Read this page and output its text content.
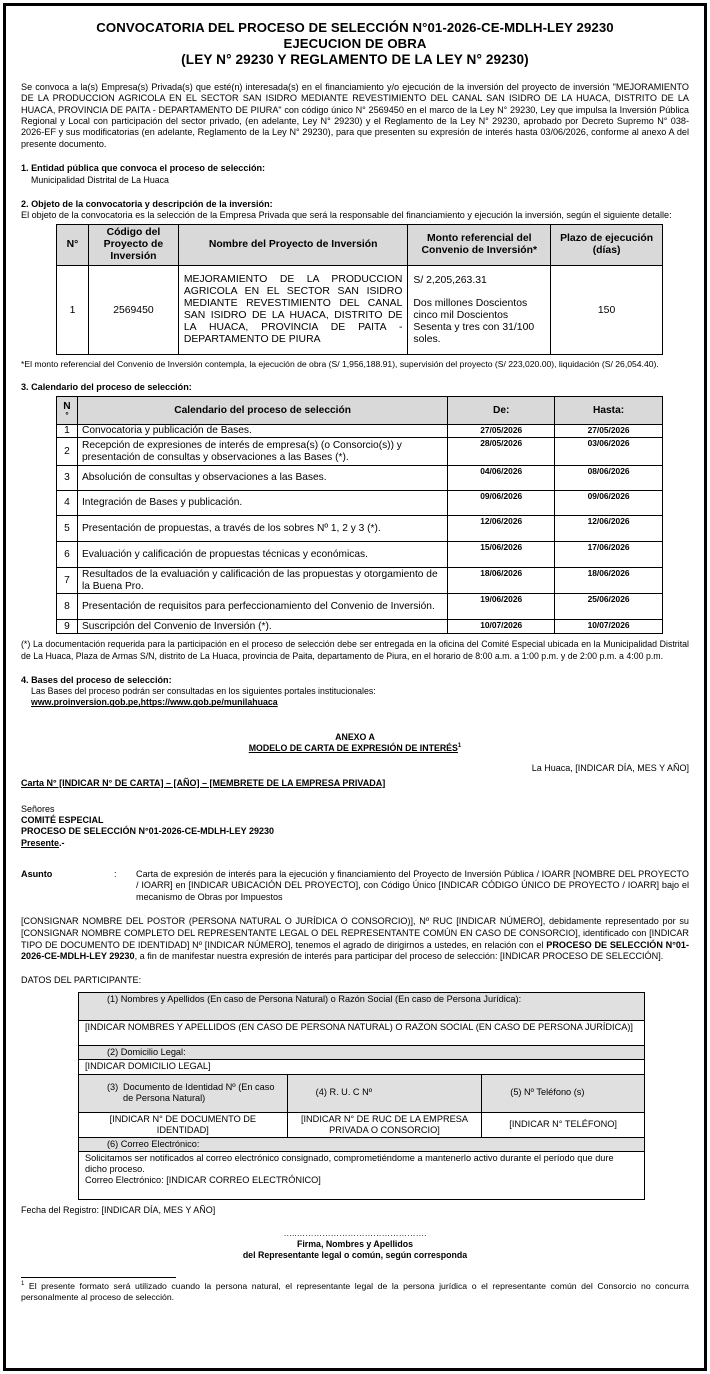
CONVOCATORIA DEL PROCESO DE SELECCIÓN N°01-2026-CE-MDLH-LEY 29230
EJECUCION DE OBRA
(LEY N° 29230 Y REGLAMENTO DE LA LEY N° 29230)

Se convoca a la(s) Empresa(s) Privada(s) que esté(n) interesada(s) en el financiamiento y/o ejecución de la inversión del proyecto de inversión "MEJORAMIENTO DE LA PRODUCCION AGRICOLA EN EL SECTOR SAN ISIDRO MEDIANTE REVESTIMIENTO DEL CANAL SAN ISIDRO DE LA HUACA, DISTRITO DE LA HUACA, PROVINCIA DE PAITA - DEPARTAMENTO DE PIURA" con código único N° 2569450 en el marco de la Ley N° 29230, Ley que impulsa la Inversión Pública Regional y Local con participación del sector privado, (en adelante, Ley N° 29230) y el Reglamento de la Ley N° 29230, aprobado por Decreto Supremo N° 038-2026-EF y sus modificatorias (en adelante, Reglamento de la Ley N° 29230), para que presenten su expresión de interés hasta 03/06/2026, conforme al anexo A del presente documento.

1. Entidad pública que convoca el proceso de selección:
Municipalidad Distrital de La Huaca
2. Objeto de la convocatoria y descripción de la inversión:

El objeto de la convocatoria es la selección de la Empresa Privada que será la responsable del financiamiento y ejecución la inversión, según el siguiente detalle:

N°	Código del Proyecto de Inversión	Nombre del Proyecto de Inversión	Monto referencial del Convenio de Inversión*	Plazo de ejecución (días)
1	2569450	MEJORAMIENTO DE LA PRODUCCION AGRICOLA EN EL SECTOR SAN ISIDRO MEDIANTE REVESTIMIENTO DEL CANAL SAN ISIDRO DE LA HUACA, DISTRITO DE LA HUACA, PROVINCIA DE PAITA - DEPARTAMENTO DE PIURA	S/ 2,205,263.31
Dos millones Doscientos cinco mil Doscientos Sesenta y tres con 31/100 soles.	150
*El monto referencial del Convenio de Inversión contempla, la ejecución de obra (S/ 1,956,188.91), supervisión del proyecto (S/ 223,020.00), liquidación (S/ 26,054.40).
3. Calendario del proceso de selección:
N
°	Calendario del proceso de selección	De:	Hasta:
1	Convocatoria y publicación de Bases.	27/05/2026	27/05/2026
2	Recepción de expresiones de interés de empresa(s) (o Consorcio(s)) y presentación de consultas y observaciones a las Bases (*).	28/05/2026	03/06/2026
3	Absolución de consultas y observaciones a las Bases.	04/06/2026	08/06/2026
4	Integración de Bases y publicación.	09/06/2026	09/06/2026
5	Presentación de propuestas, a través de los sobres Nº 1, 2 y 3 (*).	12/06/2026	12/06/2026
6	Evaluación y calificación de propuestas técnicas y económicas.	15/06/2026	17/06/2026
7	Resultados de la evaluación y calificación de las propuestas y otorgamiento de la Buena Pro.	18/06/2026	18/06/2026
8	Presentación de requisitos para perfeccionamiento del Convenio de Inversión.	19/06/2026	25/06/2026
9	Suscripción del Convenio de Inversión (*).	10/07/2026	10/07/2026

(*) La documentación requerida para la participación en el proceso de selección debe ser entregada en la oficina del Comité Especial ubicada en la Municipalidad Distrital de La Huaca, Plaza de Armas S/N, distrito de La Huaca, provincia de Paita, departamento de Piura, en el horario de 8:00 a.m. a 1:00 p.m. y de 2:00 p.m. a 4:00 p.m.

4. Bases del proceso de selección:
Las Bases del proceso podrán ser consultadas en los siguientes portales institucionales:
www.proinversion.gob.pe,https://www.gob.pe/munilahuaca
ANEXO A
MODELO DE CARTA DE EXPRESIÓN DE INTERÉS$^1$
La Huaca, [INDICAR DÍA, MES Y AÑO]
Carta N° [INDICAR N° DE CARTA] – [AÑO] – [MEMBRETE DE LA EMPRESA PRIVADA]
Señores
COMITÉ ESPECIAL
PROCESO DE SELECCIÓN N°01-2026-CE-MDLH-LEY 29230
Presente.-
Asunto	:	Carta de expresión de interés para la ejecución y financiamiento del Proyecto de Inversión Pública / IOARR [NOMBRE DEL PROYECTO / IOARR] en [INDICAR UBICACIÓN DEL PROYECTO], con Código Único [INDICAR CÓDIGO ÚNICO DE PROYECTO / IOARR] bajo el mecanismo de Obras por Impuestos

[CONSIGNAR NOMBRE DEL POSTOR (PERSONA NATURAL O JURÍDICA O CONSORCIO)], Nº RUC [INDICAR NÚMERO], debidamente representado por su [CONSIGNAR NOMBRE COMPLETO DEL REPRESENTANTE LEGAL O DEL REPRESENTANTE COMÚN EN CASO DE CONSORCIO], identificado con [INDICAR TIPO DE DOCUMENTO DE IDENTIDAD] Nº [INDICAR NÚMERO], tenemos el agrado de dirigirnos a ustedes, en relación con el PROCESO DE SELECCIÓN N°01-2026-CE-MDLH-LEY 29230, a fin de manifestar nuestra expresión de interés para participar del proceso de selección: [INDICAR PROCESO DE SELECCIÓN].

DATOS DEL PARTICIPANTE:
(1) Nombres y Apellidos (En caso de Persona Natural) o Razón Social (En caso de Persona Jurídica):		
[INDICAR NOMBRES Y APELLIDOS (EN CASO DE PERSONA NATURAL) O RAZON SOCIAL (EN CASO DE PERSONA JURÍDICA)]		
(2) Domicilio Legal:		
[INDICAR DOMICILIO LEGAL]		

(3) Documento de Identidad Nº (En caso de Persona Natural)	(4) R. U. C Nº	(5) Nº Teléfono (s)
[INDICAR N° DE DOCUMENTO DE IDENTIDAD]	[INDICAR N° DE RUC DE LA EMPRESA PRIVADA O CONSORCIO]	[INDICAR N° TELÉFONO]
(6) Correo Electrónico:		

Solicitamos ser notificados al correo electrónico consignado, comprometiéndome a mantenerlo activo durante el período que dure dicho proceso.
Correo Electrónico: [INDICAR CORREO ELECTRÓNICO]		
Fecha del Registro: [INDICAR DÍA, MES Y AÑO]
…..……………………………………….
Firma, Nombres y Apellidos
del Representante legal o común, según corresponda

$^1$ El presente formato será utilizado cuando la persona natural, el representante legal de la persona jurídica o el representante común del Consorcio no concurra personalmente al proceso de selección.
